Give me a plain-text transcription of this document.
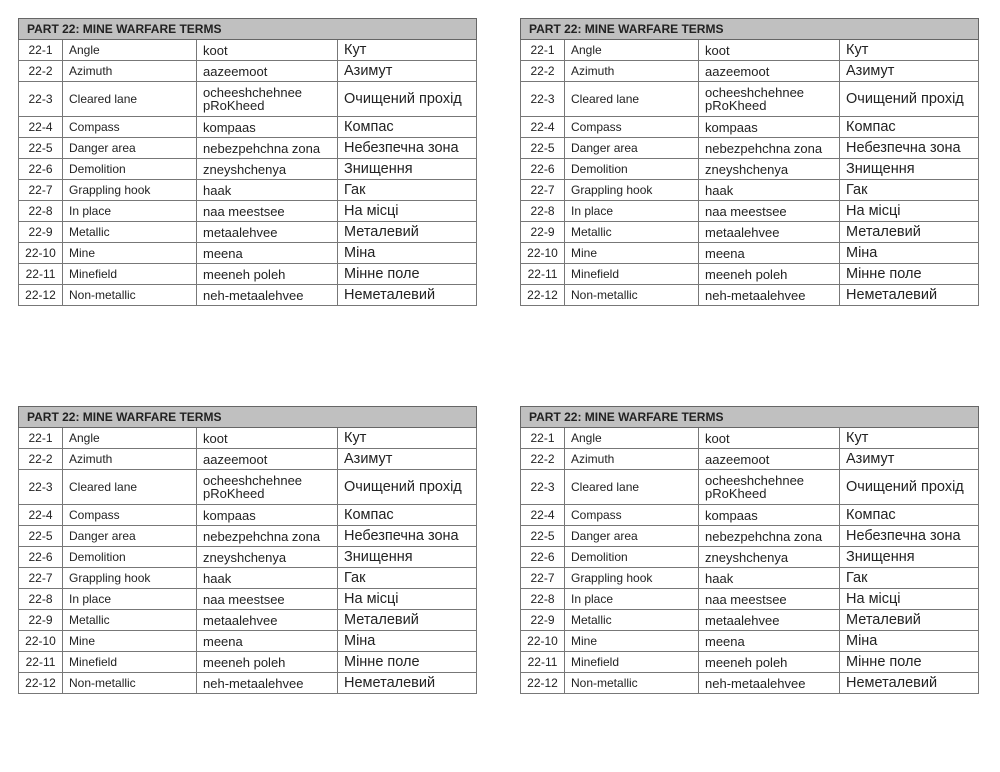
PART 22: MINE WARFARE TERMS			
22-1	Angle	koot	Кут
22-2	Azimuth	aazeemoot	Азимут
22-3	Cleared lane	ocheeshchehnee pRoKheed	Очищений прохід
22-4	Compass	kompaas	Компас
22-5	Danger area	nebezpehchna zona	Небезпечна зона
22-6	Demolition	zneyshchenya	Знищення
22-7	Grappling hook	haak	Гак
22-8	In place	naa meestsee	На місці
22-9	Metallic	metaalehvee	Металевий
22-10	Mine	meena	Міна
22-11	Minefield	meeneh poleh	Мінне поле
22-12	Non-metallic	neh-metaalehvee	Неметалевий
PART 22: MINE WARFARE TERMS			
22-1	Angle	koot	Кут
22-2	Azimuth	aazeemoot	Азимут
22-3	Cleared lane	ocheeshchehnee pRoKheed	Очищений прохід
22-4	Compass	kompaas	Компас
22-5	Danger area	nebezpehchna zona	Небезпечна зона
22-6	Demolition	zneyshchenya	Знищення
22-7	Grappling hook	haak	Гак
22-8	In place	naa meestsee	На місці
22-9	Metallic	metaalehvee	Металевий
22-10	Mine	meena	Міна
22-11	Minefield	meeneh poleh	Мінне поле
22-12	Non-metallic	neh-metaalehvee	Неметалевий
PART 22: MINE WARFARE TERMS			
22-1	Angle	koot	Кут
22-2	Azimuth	aazeemoot	Азимут
22-3	Cleared lane	ocheeshchehnee pRoKheed	Очищений прохід
22-4	Compass	kompaas	Компас
22-5	Danger area	nebezpehchna zona	Небезпечна зона
22-6	Demolition	zneyshchenya	Знищення
22-7	Grappling hook	haak	Гак
22-8	In place	naa meestsee	На місці
22-9	Metallic	metaalehvee	Металевий
22-10	Mine	meena	Міна
22-11	Minefield	meeneh poleh	Мінне поле
22-12	Non-metallic	neh-metaalehvee	Неметалевий
PART 22: MINE WARFARE TERMS			
22-1	Angle	koot	Кут
22-2	Azimuth	aazeemoot	Азимут
22-3	Cleared lane	ocheeshchehnee pRoKheed	Очищений прохід
22-4	Compass	kompaas	Компас
22-5	Danger area	nebezpehchna zona	Небезпечна зона
22-6	Demolition	zneyshchenya	Знищення
22-7	Grappling hook	haak	Гак
22-8	In place	naa meestsee	На місці
22-9	Metallic	metaalehvee	Металевий
22-10	Mine	meena	Міна
22-11	Minefield	meeneh poleh	Мінне поле
22-12	Non-metallic	neh-metaalehvee	Неметалевий
